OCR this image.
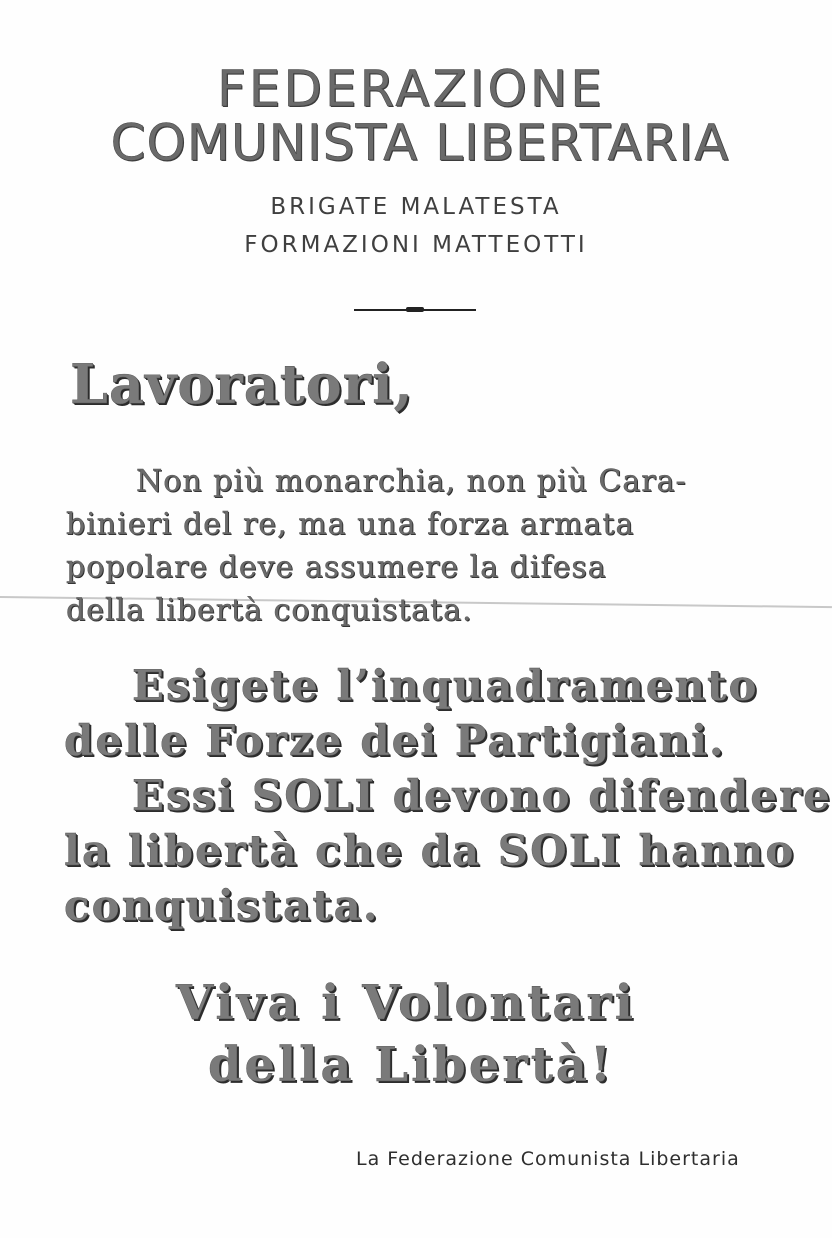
FEDERAZIONE
COMUNISTA LIBERTARIA
BRIGATE MALATESTA
FORMAZIONI MATTEOTTI
Lavoratori,
Non più monarchia, non più Cara-
binieri del re, ma una forza armata
popolare deve assumere la difesa
della libertà conquistata.
Esigete l’inquadramento
delle Forze dei Partigiani.
Essi SOLI devono difendere
la libertà che da SOLI hanno
conquistata.
Viva i Volontari
della Libertà!
La Federazione Comunista Libertaria
